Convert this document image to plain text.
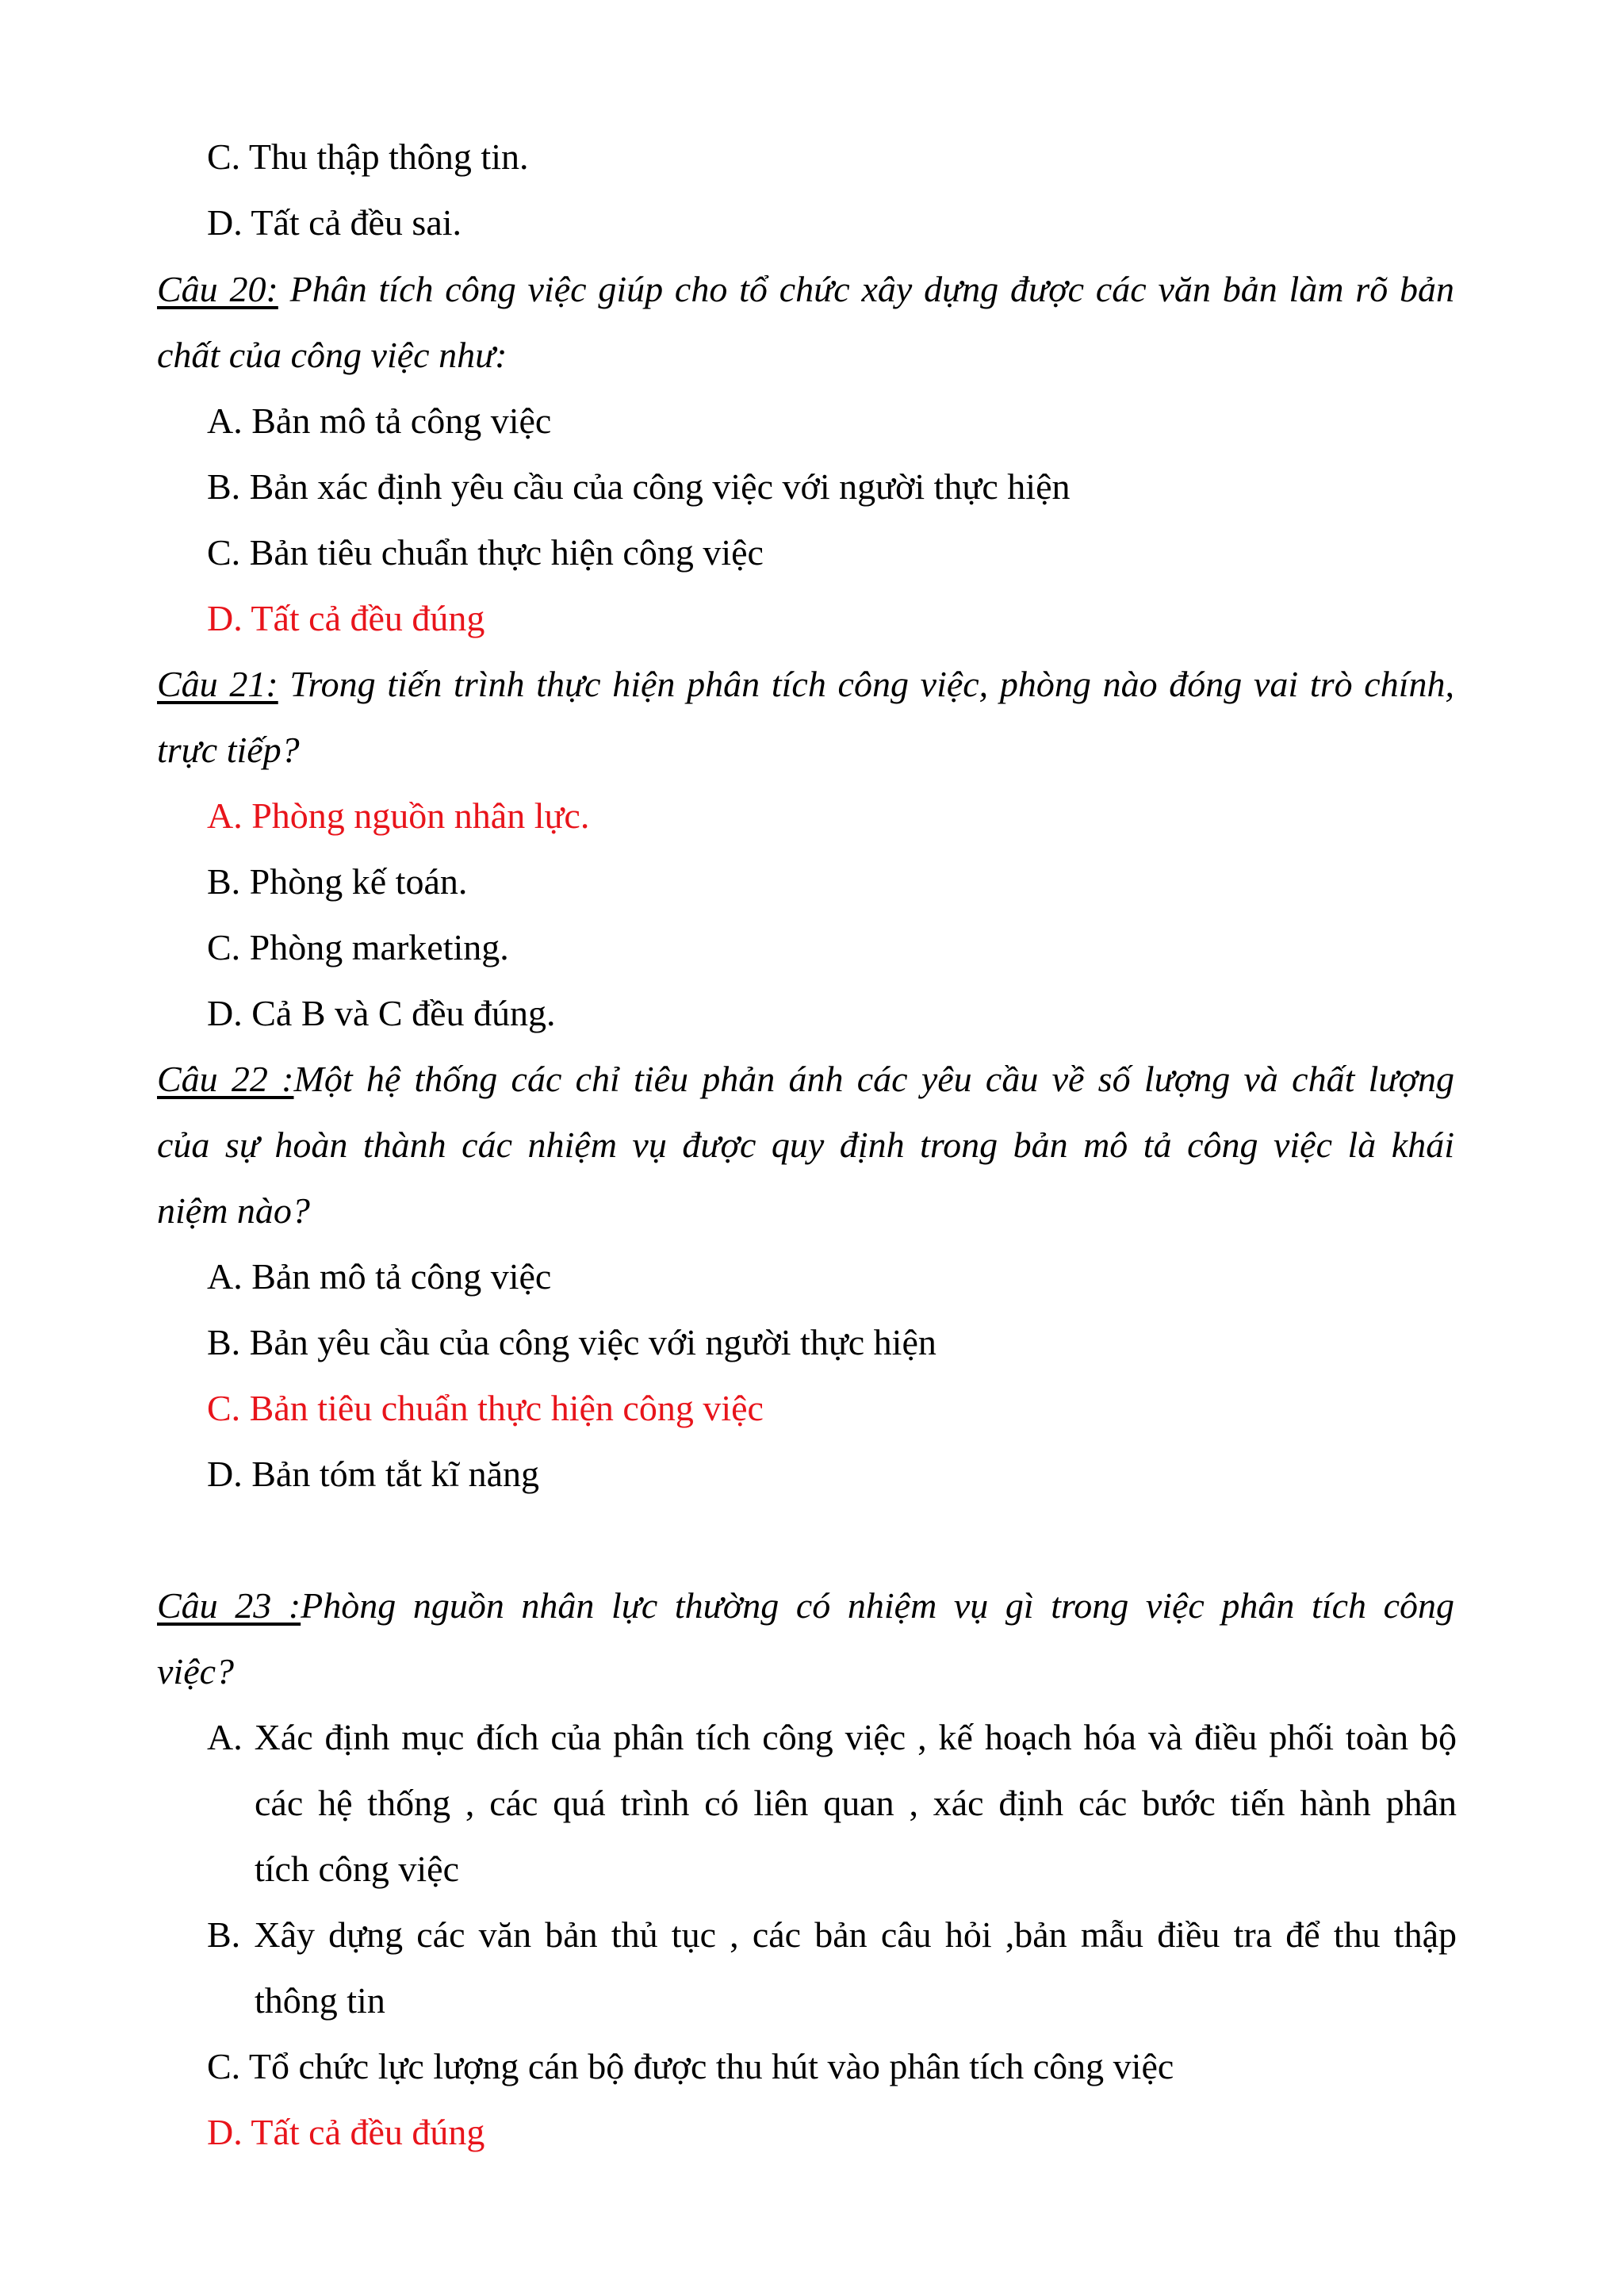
C. Thu thập thông tin.
D. Tất cả đều sai.
Câu 20: Phân tích công việc giúp cho tổ chức xây dựng được các văn bản làm rõ bản
chất của công việc như:
A. Bản mô tả công việc
B. Bản xác định yêu cầu của công việc với người thực hiện
C. Bản tiêu chuẩn thực hiện công việc
D. Tất cả đều đúng
Câu 21: Trong tiến trình thực hiện phân tích công việc, phòng nào đóng vai trò chính,
trực tiếp?
A. Phòng nguồn nhân lực.
B. Phòng kế toán.
C. Phòng marketing.
D. Cả B và C đều đúng.
Câu 22 :Một hệ thống các chỉ tiêu phản ánh các yêu cầu về số lượng và chất lượng
của sự hoàn thành các nhiệm vụ được quy định trong bản mô tả công việc là khái
niệm nào?
A. Bản mô tả công việc
B. Bản yêu cầu của công việc với người thực hiện
C. Bản tiêu chuẩn thực hiện công việc
D. Bản tóm tắt kĩ năng
Câu 23 :Phòng nguồn nhân lực thường có nhiệm vụ gì trong việc phân tích công
việc?
A. Xác định mục đích của phân tích công việc , kế hoạch hóa và điều phối toàn bộ
các hệ thống , các quá trình có liên quan , xác định các bước tiến hành phân
tích công việc
B. Xây dựng các văn bản thủ tục , các bản câu hỏi ,bản mẫu điều tra để thu thập
thông tin
C. Tổ chức lực lượng cán bộ được thu hút vào phân tích công việc
D. Tất cả đều đúng
